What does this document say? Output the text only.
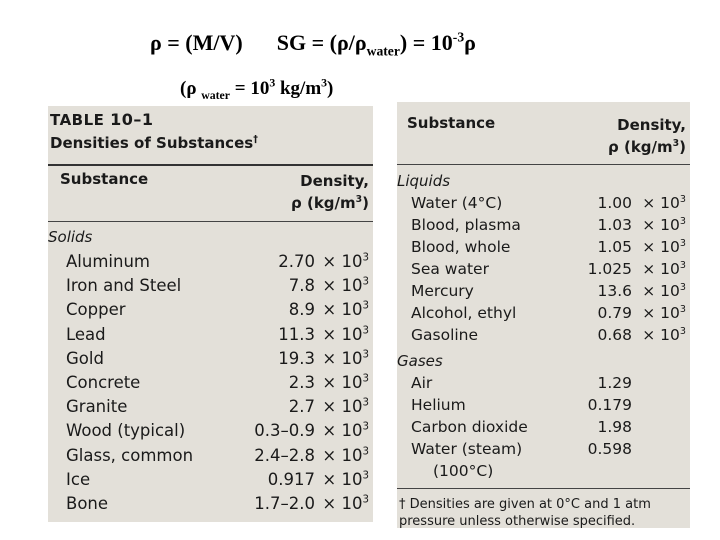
ρ = (M/V) SG = $(\rho/\rho_{water}) = 10^{-3}\rho$
(ρ $_{water} = 10^3$ $kg/m^3$)
TABLE 10–1
Densities of Substances†
Substance	Density,
ρ $(kg/m^3)$
Solids
Aluminum	$2.70 \times 10^3$
Iron and Steel	$7.8 \times 10^3$
Copper	$8.9 \times 10^3$
Lead	$11.3 \times 10^3$
Gold	$19.3 \times 10^3$
Concrete	$2.3 \times 10^3$
Granite	$2.7 \times 10^3$
Wood (typical)	$0.3-0.9 \times 10^3$
Glass, common	$2.4-2.8 \times 10^3$
Ice	$0.917 \times 10^3$
Bone	$1.7-2.0 \times 10^3$
Substance	Density,
ρ $(kg/m^3)$
Liquids
Water (4°C)	$1.00 \times 10^3$
Blood, plasma	$1.03 \times 10^3$
Blood, whole	$1.05 \times 10^3$
Sea water	$1.025 \times 10^3$
Mercury	$13.6 \times 10^3$
Alcohol, ethyl	$0.79 \times 10^3$
Gasoline	$0.68 \times 10^3$
Gases
Air	1.29
Helium	0.179
Carbon dioxide	1.98
Water (steam)	0.598
(100°C)
† Densities are given at 0°C and 1 atm pressure unless otherwise specified.
